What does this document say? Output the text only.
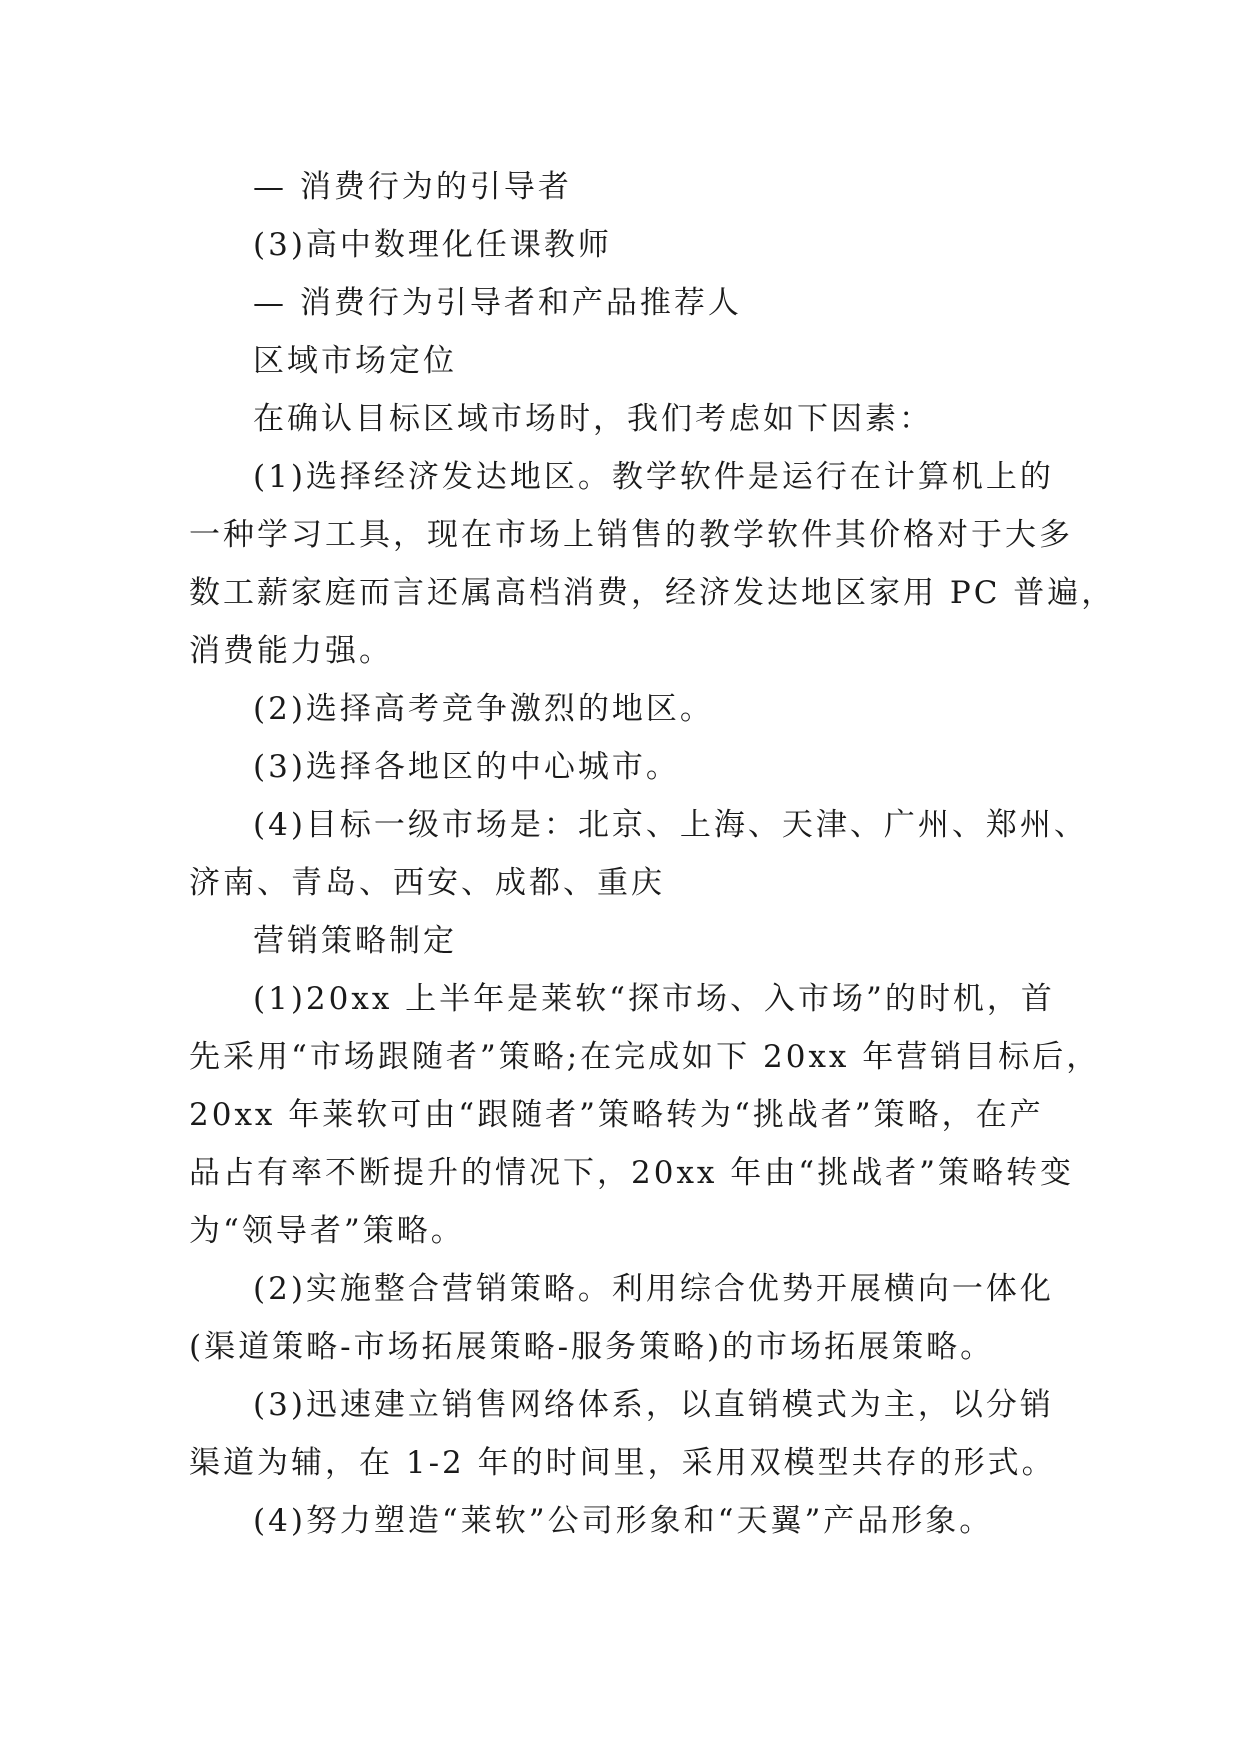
— 消费行为的引导者
(3)高中数理化任课教师
— 消费行为引导者和产品推荐人
区域市场定位
在确认目标区域市场时，我们考虑如下因素：
(1)选择经济发达地区。教学软件是运行在计算机上的
一种学习工具，现在市场上销售的教学软件其价格对于大多
数工薪家庭而言还属高档消费，经济发达地区家用 PC 普遍，
消费能力强。
(2)选择高考竞争激烈的地区。
(3)选择各地区的中心城市。
(4)目标一级市场是：北京、上海、天津、广州、郑州、
济南、青岛、西安、成都、重庆
营销策略制定
(1)20xx 上半年是莱软“探市场、入市场”的时机，首
先采用“市场跟随者”策略;在完成如下 20xx 年营销目标后，
20xx 年莱软可由“跟随者”策略转为“挑战者”策略，在产
品占有率不断提升的情况下，20xx 年由“挑战者”策略转变
为“领导者”策略。
(2)实施整合营销策略。利用综合优势开展横向一体化
(渠道策略-市场拓展策略-服务策略)的市场拓展策略。
(3)迅速建立销售网络体系，以直销模式为主，以分销
渠道为辅，在 1-2 年的时间里，采用双模型共存的形式。
(4)努力塑造“莱软”公司形象和“天翼”产品形象。
